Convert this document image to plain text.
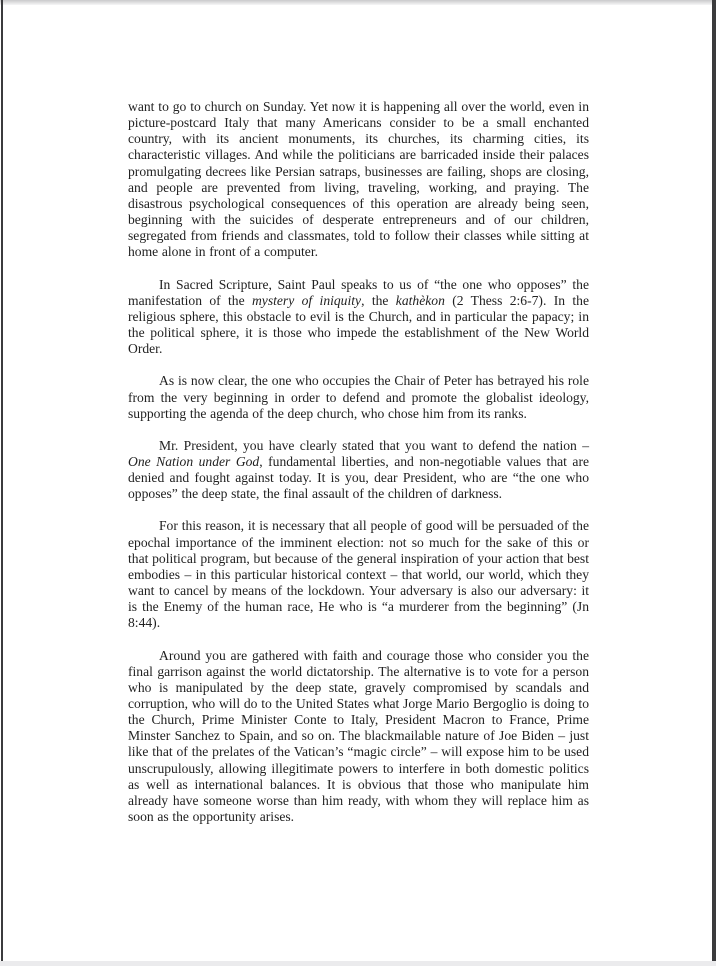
want to go to church on Sunday. Yet now it is happening all over the world, even in picture-postcard Italy that many Americans consider to be a small enchanted country, with its ancient monuments, its churches, its charming cities, its characteristic villages. And while the politicians are barricaded inside their palaces promulgating decrees like Persian satraps, businesses are failing, shops are closing, and people are prevented from living, traveling, working, and praying. The disastrous psychological consequences of this operation are already being seen, beginning with the suicides of desperate entrepreneurs and of our children, segregated from friends and classmates, told to follow their classes while sitting at home alone in front of a computer.

In Sacred Scripture, Saint Paul speaks to us of “the one who opposes” the manifestation of the mystery of iniquity, the kathèkon (2 Thess 2:6-7). In the religious sphere, this obstacle to evil is the Church, and in particular the papacy; in the political sphere, it is those who impede the establishment of the New World Order.

As is now clear, the one who occupies the Chair of Peter has betrayed his role from the very beginning in order to defend and promote the globalist ideology, supporting the agenda of the deep church, who chose him from its ranks.

Mr. President, you have clearly stated that you want to defend the nation – One Nation under God, fundamental liberties, and non-negotiable values that are denied and fought against today. It is you, dear President, who are “the one who opposes” the deep state, the final assault of the children of darkness.

For this reason, it is necessary that all people of good will be persuaded of the epochal importance of the imminent election: not so much for the sake of this or that political program, but because of the general inspiration of your action that best embodies – in this particular historical context – that world, our world, which they want to cancel by means of the lockdown. Your adversary is also our adversary: it is the Enemy of the human race, He who is “a murderer from the beginning” (Jn 8:44).

Around you are gathered with faith and courage those who consider you the final garrison against the world dictatorship. The alternative is to vote for a person who is manipulated by the deep state, gravely compromised by scandals and corruption, who will do to the United States what Jorge Mario Bergoglio is doing to the Church, Prime Minister Conte to Italy, President Macron to France, Prime Minster Sanchez to Spain, and so on. The blackmailable nature of Joe Biden – just like that of the prelates of the Vatican’s “magic circle” – will expose him to be used unscrupulously, allowing illegitimate powers to interfere in both domestic politics as well as international balances. It is obvious that those who manipulate him already have someone worse than him ready, with whom they will replace him as soon as the opportunity arises.
